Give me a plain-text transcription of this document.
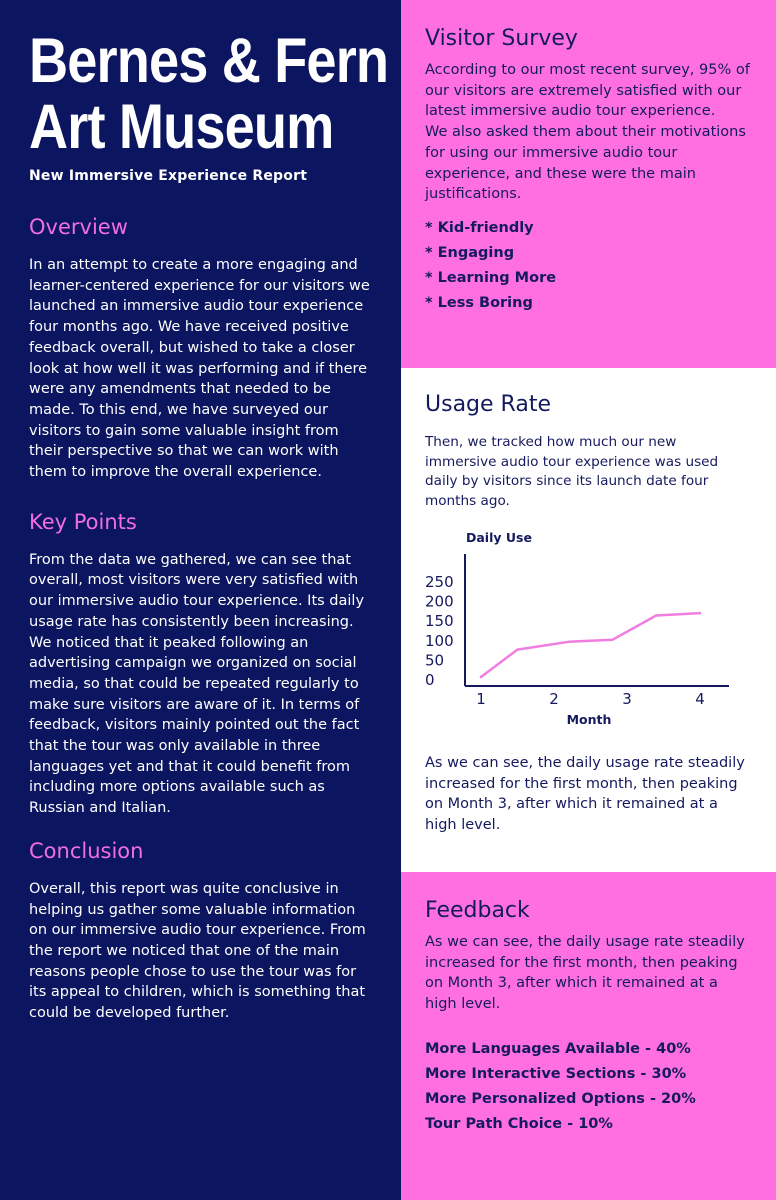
Bernes & Fern
Art Museum
New Immersive Experience Report
Overview

In an attempt to create a more engaging and learner-centered experience for our visitors we launched an immersive audio tour experience four months ago. We have received positive feedback overall, but wished to take a closer look at how well it was performing and if there were any amendments that needed to be made. To this end, we have surveyed our visitors to gain some valuable insight from their perspective so that we can work with them to improve the overall experience.

Key Points

From the data we gathered, we can see that overall, most visitors were very satisfied with our immersive audio tour experience. Its daily usage rate has consistently been increasing. We noticed that it peaked following an advertising campaign we organized on social media, so that could be repeated regularly to make sure visitors are aware of it. In terms of feedback, visitors mainly pointed out the fact that the tour was only available in three languages yet and that it could benefit from including more options available such as Russian and Italian.

Conclusion

Overall, this report was quite conclusive in helping us gather some valuable information on our immersive audio tour experience. From the report we noticed that one of the main reasons people chose to use the tour was for its appeal to children, which is something that could be developed further.

Visitor Survey

According to our most recent survey, 95% of our visitors are extremely satisfied with our latest immersive audio tour experience.
We also asked them about their motivations for using our immersive audio tour experience, and these were the main justifications.

* Kid-friendly
* Engaging
* Learning More
* Less Boring
Usage Rate

Then, we tracked how much our new immersive audio tour experience was used daily by visitors since its launch date four months ago.

Daily Use
0
50
100
150
200
250
1	2	3	4
Month

As we can see, the daily usage rate steadily increased for the first month, then peaking on Month 3, after which it remained at a high level.

Feedback

As we can see, the daily usage rate steadily increased for the first month, then peaking on Month 3, after which it remained at a high level.

More Languages Available - 40%
More Interactive Sections - 30%
More Personalized Options - 20%
Tour Path Choice - 10%
